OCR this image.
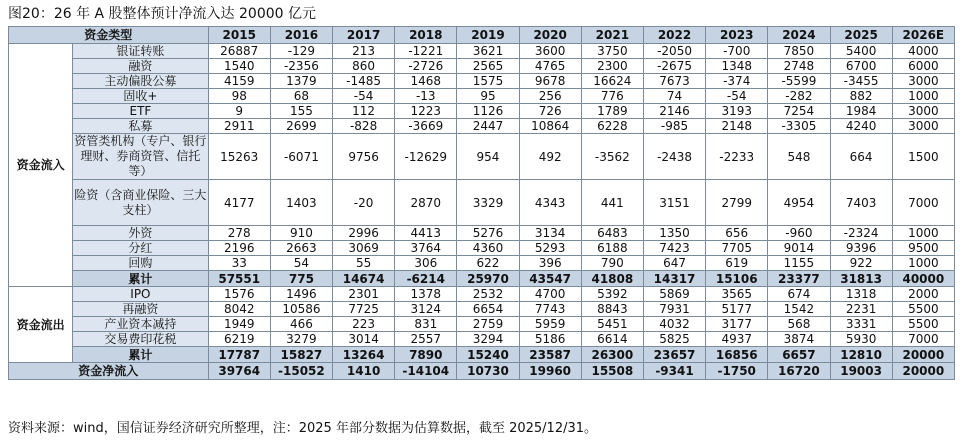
图20：26 年 A 股整体预计净流入达 20000 亿元
资金类型		2015	2016	2017	2018	2019	2020	2021	2022	2023	2024	2025	2026E
资金流入	银证转账	26887	-129	213	-1221	3621	3600	3750	-2050	-700	7850	5400	4000
	融资	1540	-2356	860	-2726	2565	4765	2300	-2675	1348	2748	6700	6000
	主动偏股公募	4159	1379	-1485	1468	1575	9678	16624	7673	-374	-5599	-3455	3000
	固收+	98	68	-54	-13	95	256	776	74	-54	-282	882	1000
	ETF	9	155	112	1223	1126	726	1789	2146	3193	7254	1984	3000
	私募	2911	2699	-828	-3669	2447	10864	6228	-985	2148	-3305	4240	3000
	资管类机构（专户、银行理财、券商资管、信托等）	15263	-6071	9756	-12629	954	492	-3562	-2438	-2233	548	664	1500
	险资（含商业保险、三大支柱）	4177	1403	-20	2870	3329	4343	441	3151	2799	4954	7403	7000
	外资	278	910	2996	4413	5276	3134	6483	1350	656	-960	-2324	1000
	分红	2196	2663	3069	3764	4360	5293	6188	7423	7705	9014	9396	9500
	回购	33	54	55	306	622	396	790	647	619	1155	922	1000
	累计	57551	775	14674	-6214	25970	43547	41808	14317	15106	23377	31813	40000
资金流出	IPO	1576	1496	2301	1378	2532	4700	5392	5869	3565	674	1318	2000
	再融资	8042	10586	7725	3124	6654	7743	8843	7931	5177	1542	2231	5500
	产业资本减持	1949	466	223	831	2759	5959	5451	4032	3177	568	3331	5500
	交易费印花税	6219	3279	3014	2557	3294	5186	6614	5825	4937	3874	5930	7000
	累计	17787	15827	13264	7890	15240	23587	26300	23657	16856	6657	12810	20000
资金净流入		39764	-15052	1410	-14104	10730	19960	15508	-9341	-1750	16720	19003	20000
资料来源：wind，国信证券经济研究所整理，注：2025 年部分数据为估算数据，截至 2025/12/31。
